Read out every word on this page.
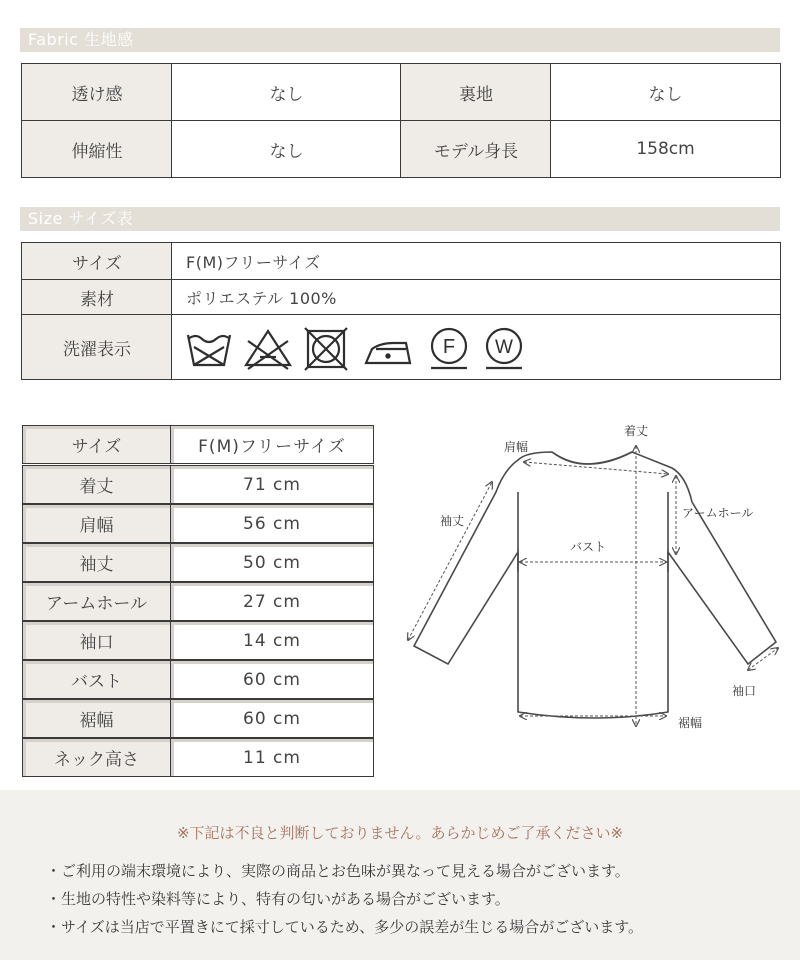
Fabric 生地感
透け感	なし	裏地	なし
伸縮性	なし	モデル身長	158cm
Size サイズ表
サイズ	F(M)フリーサイズ
素材	ポリエステル 100%
洗濯表示	F W
サイズ	F(M)フリーサイズ
着丈	71 cm
肩幅	56 cm
袖丈	50 cm
アームホール	27 cm
袖口	14 cm
バスト	60 cm
裾幅	60 cm
ネック高さ	11 cm
着丈
肩幅
袖丈
アームホール
バスト
袖口
裾幅
※下記は不良と判断しておりません。あらかじめご了承ください※
・ご利用の端末環境により、実際の商品とお色味が異なって見える場合がございます。
・生地の特性や染料等により、特有の匂いがある場合がございます。
・サイズは当店で平置きにて採寸しているため、多少の誤差が生じる場合がございます。
